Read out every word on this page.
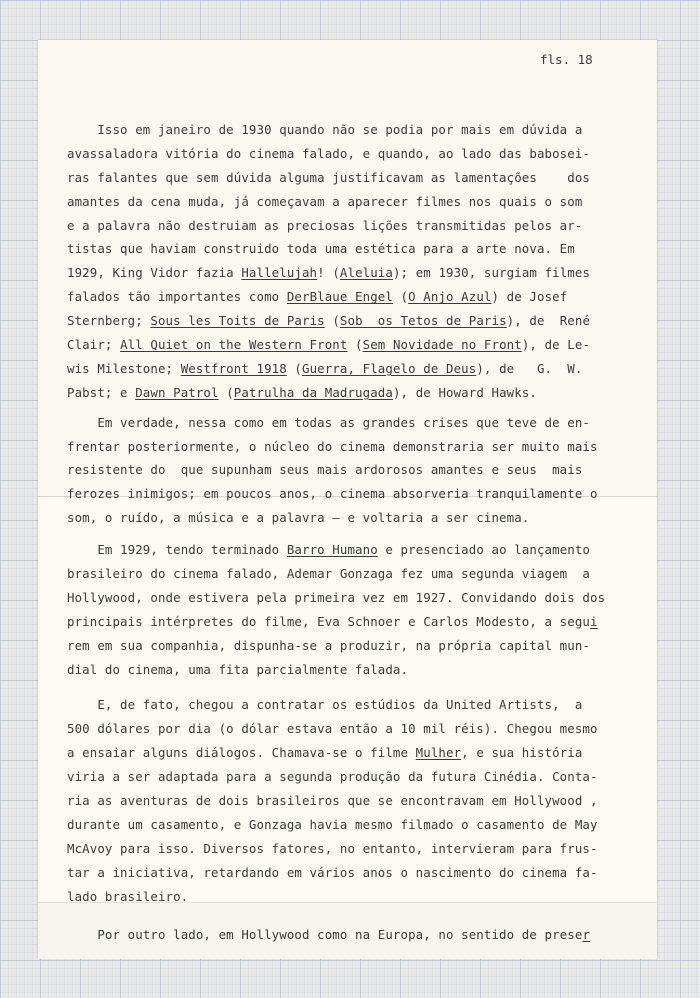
fls. 18
Isso em janeiro de 1930 quando não se podia por mais em dúvida a
avassaladora vitória do cinema falado, e quando, ao lado das babosei-
ras falantes que sem dúvida alguma justificavam as lamentações    dos
amantes da cena muda, já começavam a aparecer filmes nos quais o som
e a palavra não destruiam as preciosas lições transmitidas pelos ar-
tistas que haviam construido toda uma estética para a arte nova. Em
1929, King Vidor fazia Hallelujah! (Aleluia); em 1930, surgiam filmes
falados tão importantes como DerBlaue Engel (O Anjo Azul) de Josef
Sternberg; Sous les Toits de Paris (Sob  os Tetos de Paris), de  René
Clair; All Quiet on the Western Front (Sem Novidade no Front), de Le-
wis Milestone; Westfront 1918 (Guerra, Flagelo de Deus), de   G.  W.
Pabst; e Dawn Patrol (Patrulha da Madrugada), de Howard Hawks.
Em verdade, nessa como em todas as grandes crises que teve de en-
frentar posteriormente, o núcleo do cinema demonstraria ser muito mais
resistente do  que supunham seus mais ardorosos amantes e seus  mais
ferozes inimigos; em poucos anos, o cinema absorveria tranquilamente o
som, o ruído, a música e a palavra — e voltaria a ser cinema.
Em 1929, tendo terminado Barro Humano e presenciado ao lançamento
brasileiro do cinema falado, Ademar Gonzaga fez uma segunda viagem  a
Hollywood, onde estivera pela primeira vez em 1927. Convidando dois dos
principais intérpretes do filme, Eva Schnoer e Carlos Modesto, a segui
rem em sua companhia, dispunha-se a produzir, na própria capital mun-
dial do cinema, uma fita parcialmente falada.
E, de fato, chegou a contratar os estúdios da United Artists,  a
500 dólares por dia (o dólar estava então a 10 mil réis). Chegou mesmo
a ensaiar alguns diálogos. Chamava-se o filme Mulher, e sua história
viria a ser adaptada para a segunda produção da futura Cinédia. Conta-
ria as aventuras de dois brasileiros que se encontravam em Hollywood ,
durante um casamento, e Gonzaga havia mesmo filmado o casamento de May
McAvoy para isso. Diversos fatores, no entanto, intervieram para frus-
tar a iniciativa, retardando em vários anos o nascimento do cinema fa-
lado brasileiro.
Por outro lado, em Hollywood como na Europa, no sentido de preser
